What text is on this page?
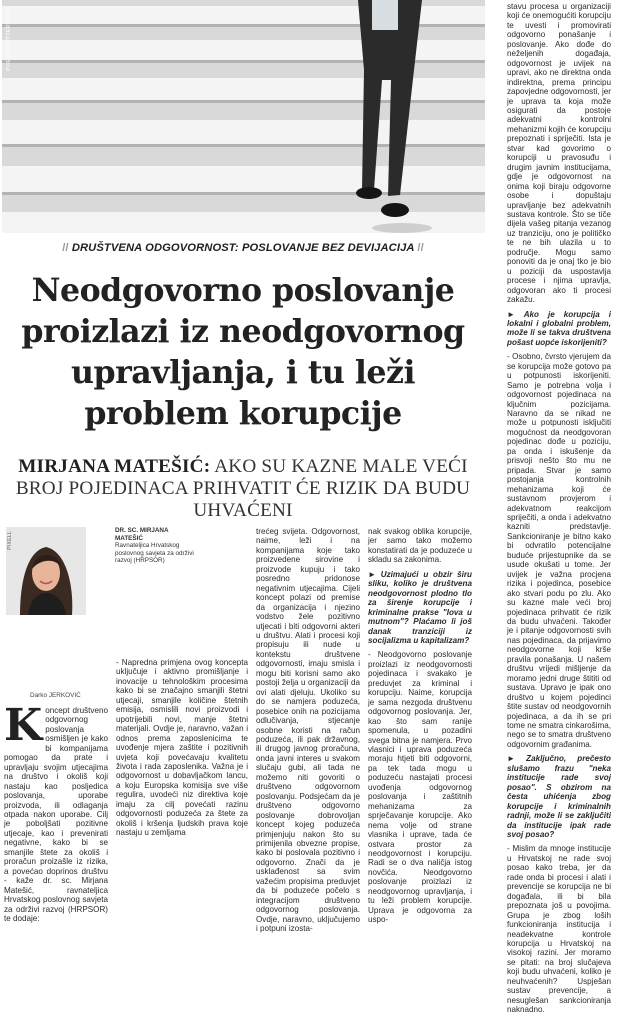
PIXELL/SHUTTERSTOCK
// DRUŠTVENA ODGOVORNOST: POSLOVANJE BEZ DEVIJACIJA //
Neodgovorno poslovanje proizlazi iz neodgovornog upravljanja, i tu leži problem korupcije
MIRJANA MATEŠIĆ: AKO SU KAZNE MALE VEĆI BROJ POJEDINACA PRIHVATIT ĆE RIZIK DA BUDU UHVAĆENI
PIXELL
DR. SC. MIRJANA MATEŠIĆ
Ravnateljica Hrvatskog poslovnog savjeta za održivi razvoj (HRPSOR)
Darko JERKOVIĆ
Koncept društveno odgovornog poslovanja osmišljen je kako bi kompanijama pomogao da prate i upravljaju svojim utjecajima na društvo i okoliš koji nastaju kao posljedica poslovanja, uporabe proizvoda, ili odlaganja otpada nakon uporabe. Cilj je pobolјšati pozitivne utjecaje, kao i prevenirati negativne, kako bi se smanjile štete za okoliš i proračun proizašle iz rizika, a povećao doprinos društvu - kaže dr. sc. Mirjana Matešić, ravnateljica Hrvatskog poslovnog savjeta za održivi razvoj (HRPSOR) te dodaje:
- Napredna primjena ovog koncepta uključuje i aktivno promišljanje i inovacije u tehnološkim procesima kako bi se značajno smanjili štetni utjecaji, smanjile količine štetnih emisija, osmislili novi proizvodi i upotrijebili novi, manje štetni materijali. Ovdje je, naravno, važan i odnos prema zaposlenicima te uvođenje mjera zaštite i pozitivnih uvjeta koji povećavaju kvalitetu života i rada zaposlenika. Važna je i odgovornost u dobavljačkom lancu, a koju Europska komisija sve više regulira, uvodeći niz direktiva koje imaju za cilj povećati razinu odgovornosti poduzeća za štete za okoliš i kršenja ljudskih prava koje nastaju u zemljama
trećeg svijeta. Odgovornost, naime, leži i na kompanijama koje tako proizvedene sirovine i proizvode kupuju i tako posredno pridonose negativnim utjecajima. Cijeli koncept polazi od premise da organizacija i njezino vodstvo žele pozitivno utjecati i biti odgovorni akteri u društvu. Alati i procesi koji propisuju ili nude u kontekstu društvene odgovornosti, imaju smisla i mogu biti korisni samo ako postoji želja u organizaciji da ovi alati djeluju. Ukoliko su do se namjera poduzeća, posebice onih na pozicijama odlučivanja, stjecanje osobne koristi na račun poduzeća, ili pak državnog, ili drugog javnog proračuna, onda javni interes u svakom slučaju gubi, ali tada ne možemo niti govoriti o društveno odgovornom poslovanju. Podsjećam da je društveno odgovorno poslovanje dobrovoljan koncept kojeg poduzeća primjenjuju nakon što su primijenila obvezne propise, kako bi poslovala pozitivno i odgovorno. Znači da je usklađenost sa svim važećim propisima preduvjet da bi poduzeće počelo s integracijom društveno odgovornog poslovanja. Ovdje, naravno, uključujemo i potpuni izosta-
nak svakog oblika korupcije, jer samo tako možemo konstatirati da je poduzeće u skladu sa zakonima.
► Uzimajući u obzir širu sliku, koliko je društvena neodgovornost plodno tlo za širenje korupcije i kriminalne prakse "Iova u mutnom"? Plaćamo li još danak tranziciji iz socijalizma u kapitalizam?
- Neodgovorno poslovanje proizlazi iz neodgovornosti pojedinaca i svakako je preduvjet za kriminal i korupciju. Naime, korupcija je sama nezgoda društvenu odgovornog poslovanja. Jer, kao što sam ranije spomenula, u pozadini svega bitna je namjera. Prvo vlasnici i uprava poduzeća moraju htjeti biti odgovorni, pa tek tada mogu u poduzeću nastajati procesi uvođenja odgovornog poslovanja i zaštitnih mehanizama za sprječavanje korupcije. Ako nema volje od strane vlasnika i uprave, tada će ostvara prostor za neodgovornost i korupciju. Radi se o dva naličja istog novčića. Neodgovorno poslovanje proizlazi iz neodgovornog upravljanja, i tu leži problem korupcije. Uprava je odgovorna za uspo-
stavu procesa u organizaciji koji će onemogućiti korupciju te uvesti i promovirati odgovorno ponašanje i poslovanje. Ako dođe do neželjenih događaja, odgovornost je uvijek na upravi, ako ne direktna onda indirektna, prema principu zapovjedne odgovornosti, jer je uprava ta koja može osigurati da postoje adekvatni kontrolni mehanizmi kojih će korupciju prepoznati i spriječiti. Ista je stvar kad govorimo o korupciji u pravosuđu i drugim javnim institucijama, gdje je odgovornost na onima koji biraju odgovorne osobe i dopuštaju upravljanje bez adekvatnih sustava kontrole. Što se tiče dijela vašeg pitanja vezanog uz tranziciju, ono je političko te ne bih ulazila u to područje. Mogu samo ponoviti da je onaj tko je bio u poziciji da uspostavlja procese i njima upravlja, odgovoran ako ti procesi zakažu.
► Ako je korupcija i lokalni i globalni problem, može li se takva društvena pošast uopće iskorijeniti?
- Osobno, čvrsto vjerujem da se korupcija može gotovo pa u potpunosti iskorijeniti. Samo je potrebna volja i odgovornost pojedinaca na ključnim pozicijama. Naravno da se nikad ne može u potpunosti isključiti mogućnost da neodgovoran pojedinac dođe u poziciju, pa onda i iskušenje da prisvoji nešto što mu ne pripada. Stvar je samo postojanja kontrolnih mehanizama koji će sustavnom provjerom i adekvatnom reakcijom spriječiti, a onda i adekvatno kazniti predstavlje. Sankcioniranje je bitno kako bi odvratilo potencijalne buduće prijestupnike da se usude okušati u tome. Jer uvijek je važna procjena rizika i pojedinca, posebice ako stvari podu po zlu. Ako su kazne male veći broj pojedinaca prihvatit će rizik da budu uhvaćeni. Također je i pitanje odgovornosti svih nas pojedinaca, da prijavimo neodgovorne koji krše pravila ponašanja. U našem društvu vrijedi mišljenje da moramo jedni druge štititi od sustava. Upravo je ipak ono društvo u kojem pojedinci štite sustav od neodgovornih pojedinaca, a da ih se pri tome ne smatra cinkarošima, nego se to smatra društveno odgovornim građanima.
► Zaključno, prečesto slušamo frazu "neka institucije rade svoj posao". S obzirom na česta uhićenja zbog korupcije i kriminalnih radnji, može li se zaključiti da institucije ipak rade svoj posao?
- Mislim da mnoge institucije u Hrvatskoj ne rade svoj posao kako treba, jer da rade onda bi procesi i alati i prevencije se korupcija ne bi događala, ili bi bila prepoznata još u povojima. Grupa je zbog loših funkcioniranja institucija i neadekvatne kontrole korupcija u Hrvatskoj na visokoj razini. Jer moramo se pitati: na broj slučajeva koji budu uhvaćeni, koliko je neuhvaćenih? Uspješan sustav prevencije, a nesuglešan sankcioniranja naknadno.
